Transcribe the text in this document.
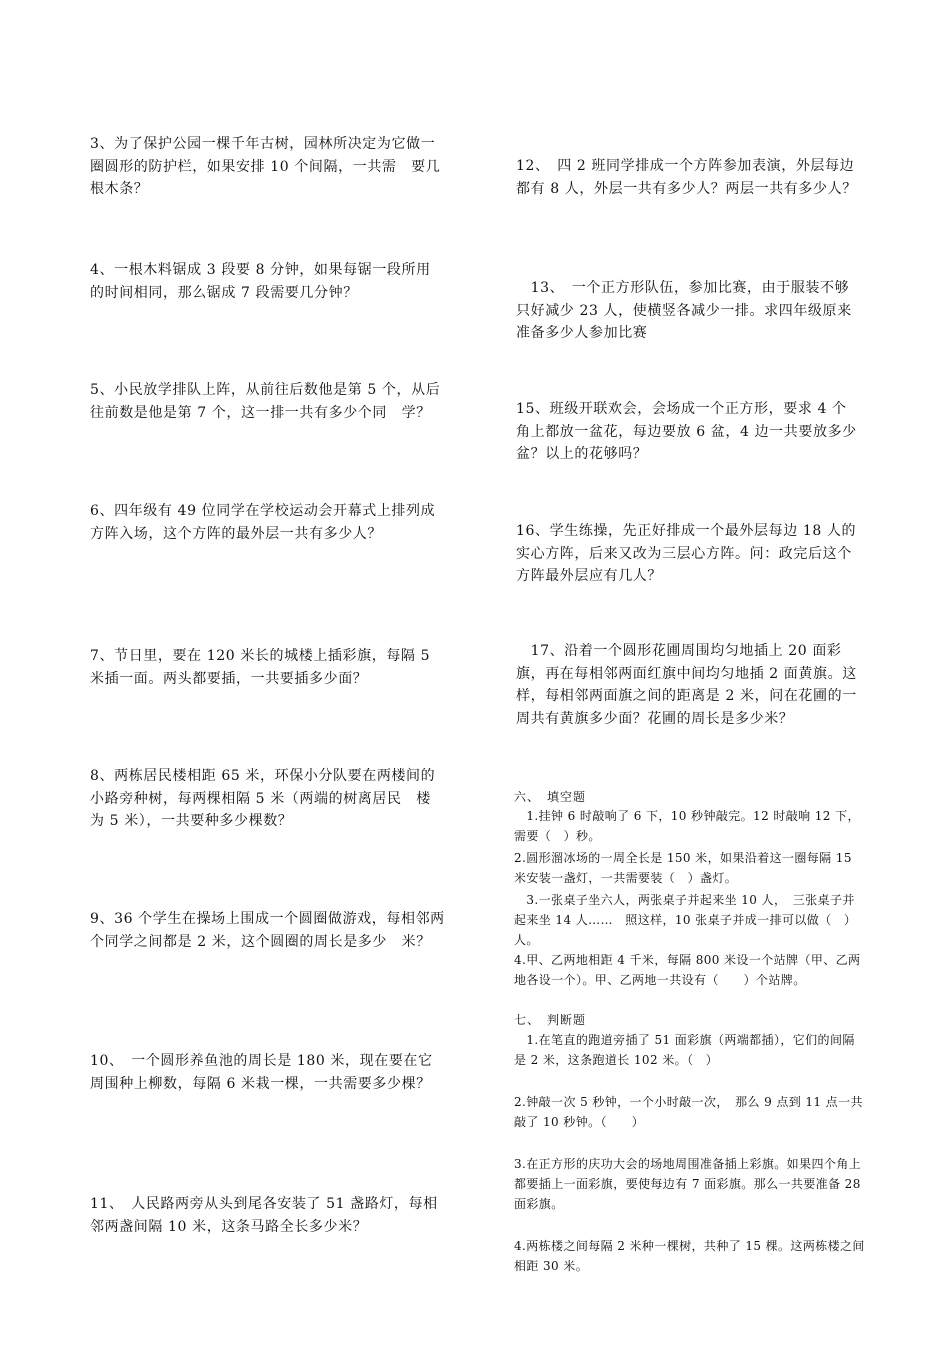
3、为了保护公园一棵千年古树，园林所决定为它做一圈圆形的防护栏，如果安排 10 个间隔，一共需　要几根木条？

4、一根木料锯成 3 段要 8 分钟，如果每锯一段所用的时间相同，那么锯成 7 段需要几分钟？

5、小民放学排队上阵，从前往后数他是第 5 个，从后往前数是他是第 7 个，这一排一共有多少个同　学？

6、四年级有 49 位同学在学校运动会开幕式上排列成方阵入场，这个方阵的最外层一共有多少人？

7、节日里，要在 120 米长的城楼上插彩旗，每隔 5 米插一面。两头都要插，一共要插多少面？

8、两栋居民楼相距 65 米，环保小分队要在两楼间的小路旁种树，每两棵相隔 5 米（两端的树离居民　楼为 5 米），一共要种多少棵数？

9、36 个学生在操场上围成一个圆圈做游戏，每相邻两个同学之间都是 2 米，这个圆圈的周长是多少　米？

10、　一个圆形养鱼池的周长是 180 米，现在要在它周围种上柳数，每隔 6 米栽一棵，一共需要多少棵？

11、　人民路两旁从头到尾各安装了 51 盏路灯，每相邻两盏间隔 10 米，这条马路全长多少米？

12、　四 2 班同学排成一个方阵参加表演，外层每边都有 8 人，外层一共有多少人？两层一共有多少人？

　13、　一个正方形队伍，参加比赛，由于服装不够只好减少 23 人，使横竖各减少一排。求四年级原来准备多少人参加比赛

15、班级开联欢会，会场成一个正方形，要求 4 个角上都放一盆花，每边要放 6 盆，4 边一共要放多少盆？以上的花够吗？

16、学生练操，先正好排成一个最外层每边 18 人的实心方阵，后来又改为三层心方阵。问：政完后这个方阵最外层应有几人？

　17、沿着一个圆形花圃周围均匀地插上 20 面彩旗，再在每相邻两面红旗中间均匀地插 2 面黄旗。这样，每相邻两面旗之间的距离是 2 米，问在花圃的一周共有黄旗多少面？花圃的周长是多少米？

六、　填空题

　1.挂钟 6 时敲响了 6 下，10 秒钟敲完。12 时敲响 12 下，需要（　）秒。

2.圆形溜冰场的一周全长是 150 米，如果沿着这一圈每隔 15 米安装一盏灯，一共需要装（　）盏灯。

　3.一张桌子坐六人，两张桌子并起来坐 10 人，　三张桌子并起来坐 14 人……　照这样，10 张桌子并成一排可以做（　）人。

4.甲、乙两地相距 4 千米，每隔 800 米设一个站牌（甲、乙两地各设一个）。甲、乙两地一共设有（　　）个站牌。

七、　判断题

　1.在笔直的跑道旁插了 51 面彩旗（两端都插），它们的间隔是 2 米，这条跑道长 102 米。（　）

2.钟敲一次 5 秒钟，一个小时敲一次，　那么 9 点到 11 点一共敲了 10 秒钟。（　　）

3.在正方形的庆功大会的场地周围准备插上彩旗。如果四个角上都要插上一面彩旗，要使每边有 7 面彩旗。那么一共要准备 28 面彩旗。

4.两栋楼之间每隔 2 米种一棵树，共种了 15 棵。这两栋楼之间相距 30 米。
